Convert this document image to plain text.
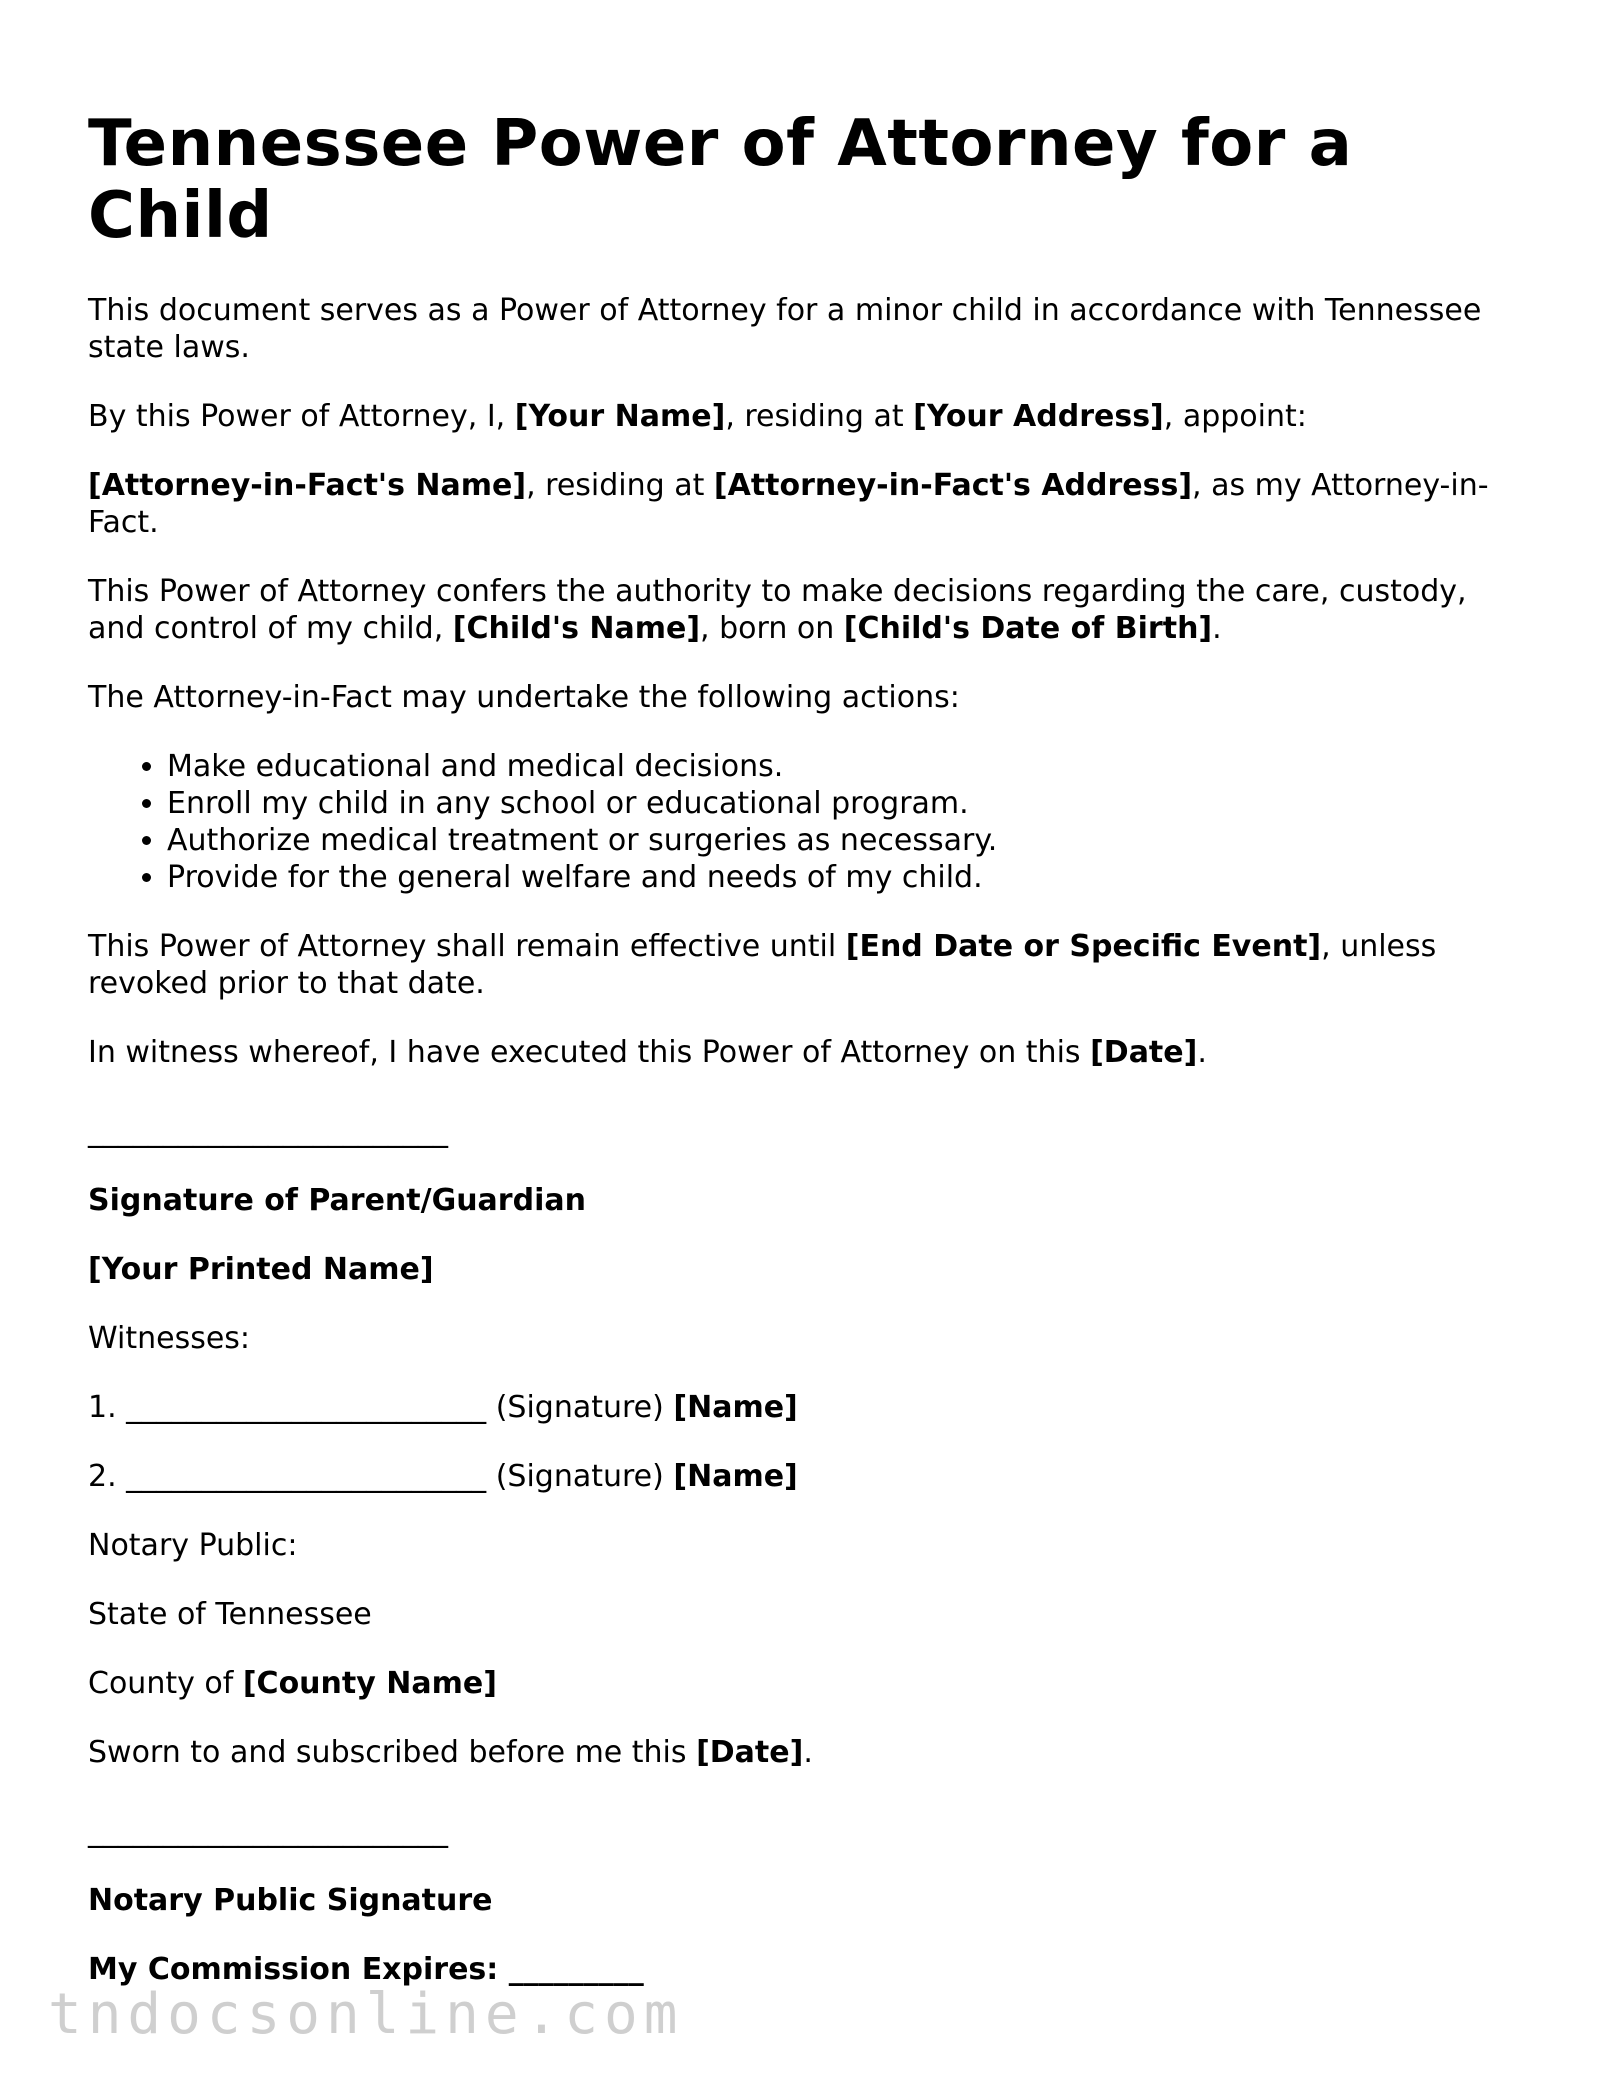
Tennessee Power of Attorney for a Child

This document serves as a Power of Attorney for a minor child in accordance with Tennessee state laws.

By this Power of Attorney, I, [Your Name], residing at [Your Address], appoint:

[Attorney-in-Fact's Name], residing at [Attorney-in-Fact's Address], as my Attorney-in-Fact.

This Power of Attorney confers the authority to make decisions regarding the care, custody, and control of my child, [Child's Name], born on [Child's Date of Birth].

The Attorney-in-Fact may undertake the following actions:

• Make educational and medical decisions.
• Enroll my child in any school or educational program.
• Authorize medical treatment or surgeries as necessary.
• Provide for the general welfare and needs of my child.

This Power of Attorney shall remain effective until [End Date or Specific Event], unless revoked prior to that date.

In witness whereof, I have executed this Power of Attorney on this [Date].

________________________

Signature of Parent/Guardian

[Your Printed Name]

Witnesses:

1. ________________________ (Signature) [Name]

2. ________________________ (Signature) [Name]

Notary Public:

State of Tennessee

County of [County Name]

Sworn to and subscribed before me this [Date].

________________________

Notary Public Signature

My Commission Expires: _________

tndocsonline.com
